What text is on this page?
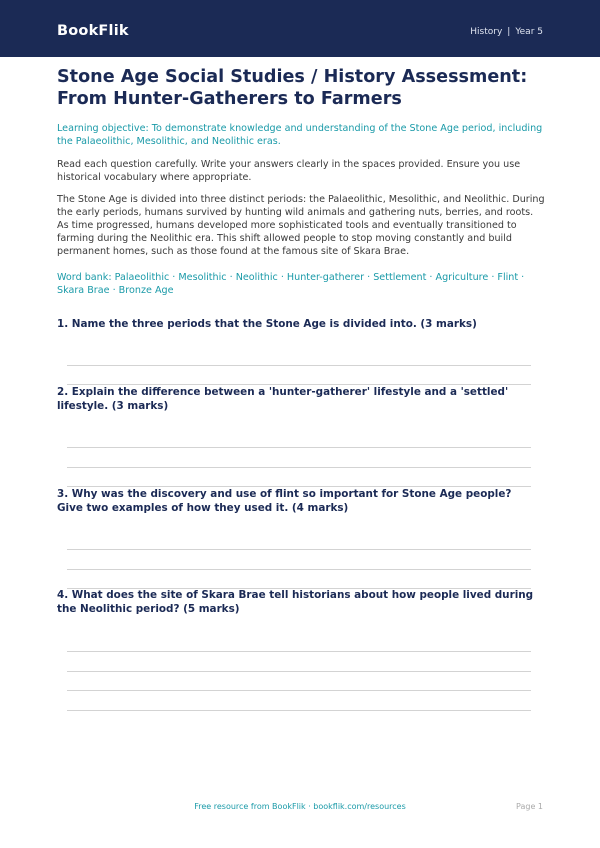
BookFlik	History | Year 5
Stone Age Social Studies / History Assessment: From Hunter-Gatherers to Farmers
Learning objective: To demonstrate knowledge and understanding of the Stone Age period, including the Palaeolithic, Mesolithic, and Neolithic eras.
Read each question carefully. Write your answers clearly in the spaces provided. Ensure you use historical vocabulary where appropriate.
The Stone Age is divided into three distinct periods: the Palaeolithic, Mesolithic, and Neolithic. During the early periods, humans survived by hunting wild animals and gathering nuts, berries, and roots. As time progressed, humans developed more sophisticated tools and eventually transitioned to farming during the Neolithic era. This shift allowed people to stop moving constantly and build permanent homes, such as those found at the famous site of Skara Brae.
Word bank: Palaeolithic · Mesolithic · Neolithic · Hunter-gatherer · Settlement · Agriculture · Flint · Skara Brae · Bronze Age
1. Name the three periods that the Stone Age is divided into. (3 marks)
2. Explain the difference between a 'hunter-gatherer' lifestyle and a 'settled' lifestyle. (3 marks)
3. Why was the discovery and use of flint so important for Stone Age people? Give two examples of how they used it. (4 marks)
4. What does the site of Skara Brae tell historians about how people lived during the Neolithic period? (5 marks)
Free resource from BookFlik · bookflik.com/resources	Page 1
